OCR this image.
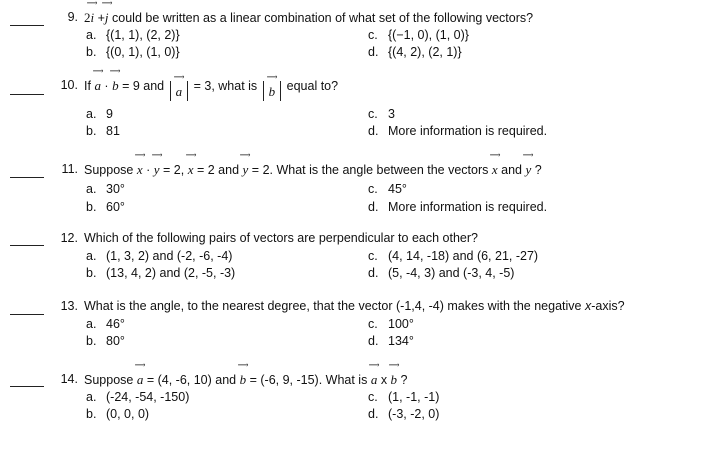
9. 2⟶ i +⟶ j could be written as a linear combination of what set of the following vectors?
a. {(1, 1), (2, 2)}	c. {(−1, 0), (1, 0)}
b. {(0, 1), (1, 0)}	d. {(4, 2), (2, 1)}
10. If ⟶ a · ⟶ b = 9 and ⟶ a = 3, what is ⟶ b equal to?
a. 9	c. 3
b. 81	d. More information is required.
11. Suppose ⟶ x · ⟶ y = 2, ⟶ x = 2 and ⟶ y = 2. What is the angle between the vectors ⟶ x and ⟶ y ?
a. 30°	c. 45°
b. 60°	d. More information is required.
12. Which of the following pairs of vectors are perpendicular to each other?
a. (1, 3, 2) and (-2, -6, -4)	c. (4, 14, -18) and (6, 21, -27)
b. (13, 4, 2) and (2, -5, -3)	d. (5, -4, 3) and (-3, 4, -5)
13. What is the angle, to the nearest degree, that the vector (-1,4, -4) makes with the negative x-axis?
a. 46°	c. 100°
b. 80°	d. 134°
14. Suppose ⟶ a = (4, -6, 10) and ⟶ b = (-6, 9, -15). What is ⟶ a x ⟶ b ?
a. (-24, -54, -150)	c. (1, -1, -1)
b. (0, 0, 0)	d. (-3, -2, 0)
